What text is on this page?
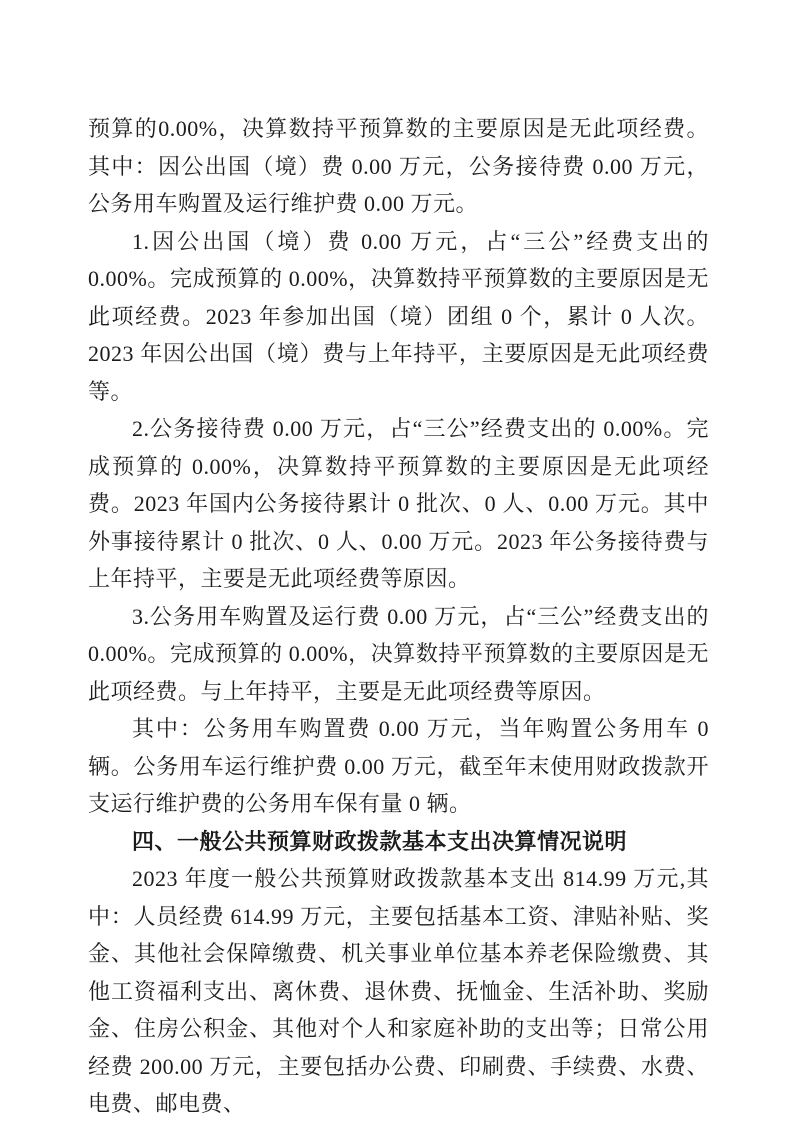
预算的0.00%，决算数持平预算数的主要原因是无此项经费。其中：因公出国（境）费 0.00 万元，公务接待费 0.00 万元，公务用车购置及运行维护费 0.00 万元。

1.因公出国（境）费 0.00 万元，占“三公”经费支出的 0.00%。完成预算的 0.00%，决算数持平预算数的主要原因是无此项经费。2023 年参加出国（境）团组 0 个，累计 0 人次。2023 年因公出国（境）费与上年持平，主要原因是无此项经费等。

2.公务接待费 0.00 万元，占“三公”经费支出的 0.00%。完成预算的 0.00%，决算数持平预算数的主要原因是无此项经费。2023 年国内公务接待累计 0 批次、0 人、0.00 万元。其中外事接待累计 0 批次、0 人、0.00 万元。2023 年公务接待费与上年持平，主要是无此项经费等原因。

3.公务用车购置及运行费 0.00 万元，占“三公”经费支出的 0.00%。完成预算的 0.00%，决算数持平预算数的主要原因是无此项经费。与上年持平，主要是无此项经费等原因。

其中：公务用车购置费 0.00 万元，当年购置公务用车 0 辆。公务用车运行维护费 0.00 万元，截至年末使用财政拨款开支运行维护费的公务用车保有量 0 辆。

四、一般公共预算财政拨款基本支出决算情况说明

2023 年度一般公共预算财政拨款基本支出 814.99 万元,其中：人员经费 614.99 万元，主要包括基本工资、津贴补贴、奖金、其他社会保障缴费、机关事业单位基本养老保险缴费、其他工资福利支出、离休费、退休费、抚恤金、生活补助、奖励金、住房公积金、其他对个人和家庭补助的支出等；日常公用经费 200.00 万元，主要包括办公费、印刷费、手续费、水费、电费、邮电费、
